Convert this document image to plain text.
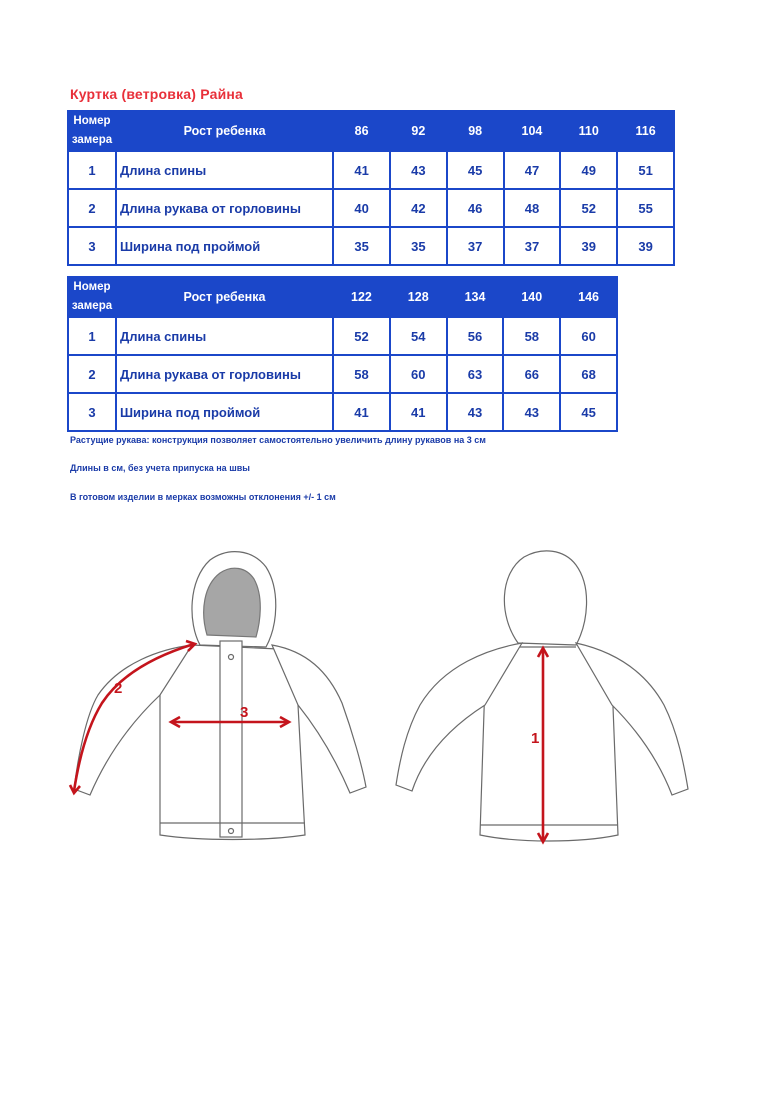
Куртка (ветровка) Райна
Номер
замера	Рост ребенка	86	92	98	104	110	116
1	Длина спины	41	43	45	47	49	51
2	Длина рукава от горловины	40	42	46	48	52	55
3	Ширина под проймой	35	35	37	37	39	39
Номер
замера	Рост ребенка	122	128	134	140	146
1	Длина спины	52	54	56	58	60
2	Длина рукава от горловины	58	60	63	66	68
3	Ширина под проймой	41	41	43	43	45
Растущие рукава: конструкция позволяет самостоятельно увеличить длину рукавов на 3 см
Длины в см, без учета припуска на швы
В готовом изделии в мерках возможны отклонения +/- 1 см
2
3
1
